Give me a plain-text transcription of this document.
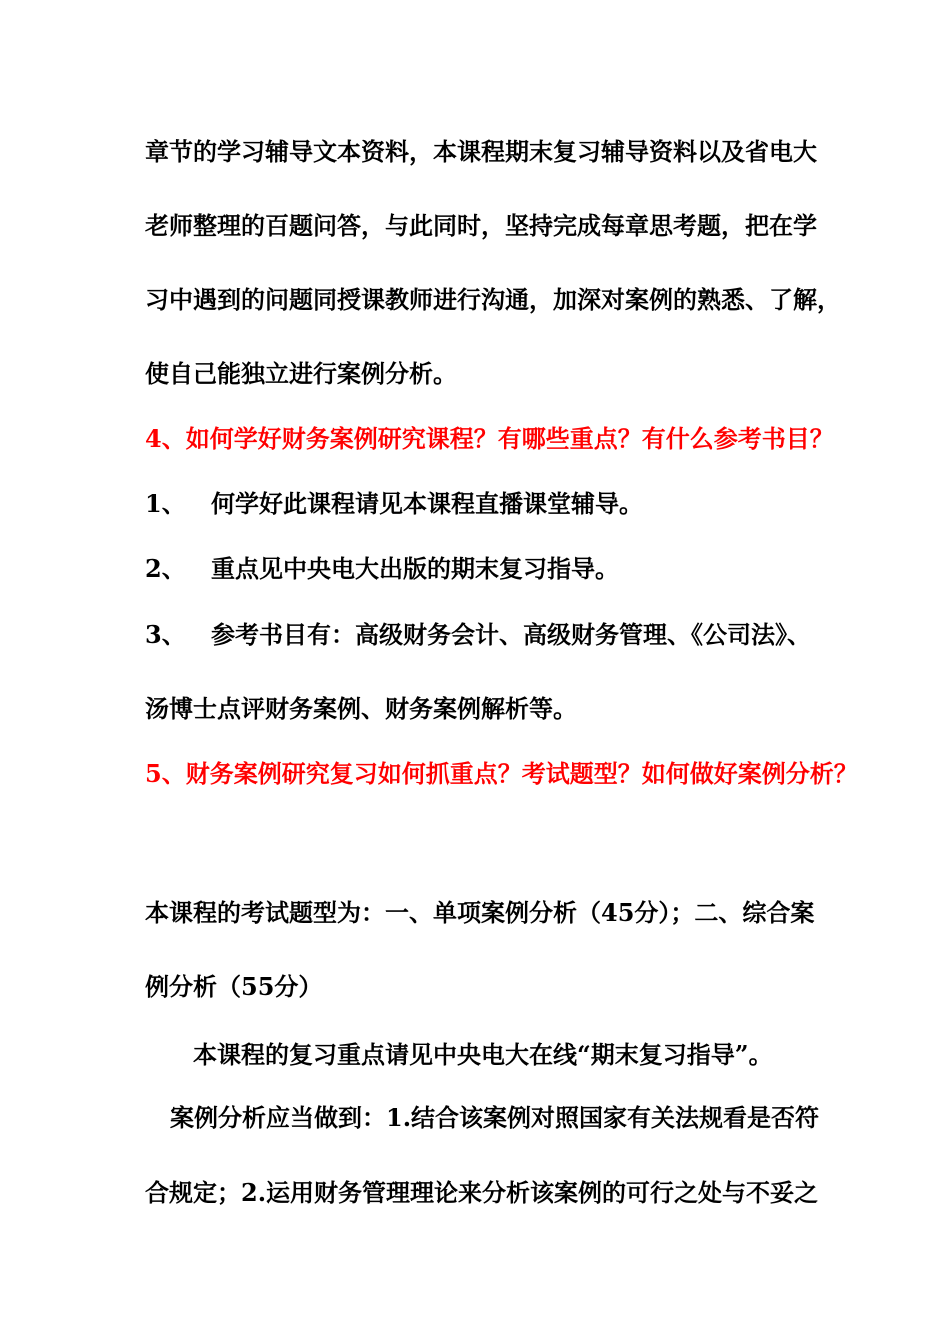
章节的学习辅导文本资料，本课程期末复习辅导资料以及省电大
老师整理的百题问答，与此同时，坚持完成每章思考题，把在学
习中遇到的问题同授课教师进行沟通，加深对案例的熟悉、了解，
使自己能独立进行案例分析。
4、如何学好财务案例研究课程？有哪些重点？有什么参考书目？
1、 何学好此课程请见本课程直播课堂辅导。
2、 重点见中央电大出版的期末复习指导。
3、 参考书目有：高级财务会计、高级财务管理、《公司法》、
汤博士点评财务案例、财务案例解析等。
5、财务案例研究复习如何抓重点？考试题型？如何做好案例分析？
本课程的考试题型为：一、单项案例分析（45分）；二、综合案
例分析（55分）
本课程的复习重点请见中央电大在线“期末复习指导”。
案例分析应当做到：1.结合该案例对照国家有关法规看是否符
合规定；2.运用财务管理理论来分析该案例的可行之处与不妥之
